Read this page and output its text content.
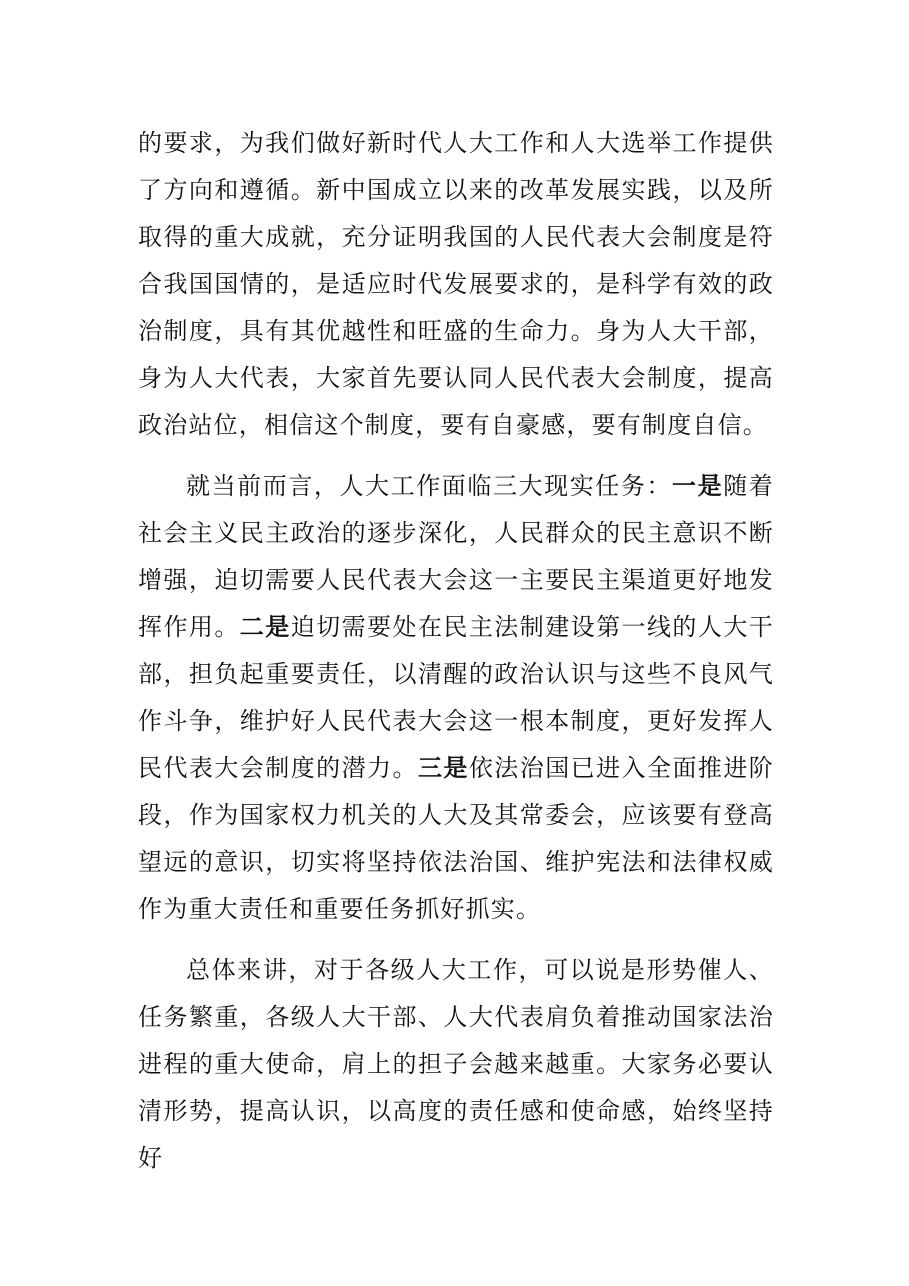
的要求，为我们做好新时代人大工作和人大选举工作提供了方向和遵循。新中国成立以来的改革发展实践，以及所取得的重大成就，充分证明我国的人民代表大会制度是符合我国国情的，是适应时代发展要求的，是科学有效的政治制度，具有其优越性和旺盛的生命力。身为人大干部，身为人大代表，大家首先要认同人民代表大会制度，提高政治站位，相信这个制度，要有自豪感，要有制度自信。

就当前而言，人大工作面临三大现实任务：一是随着社会主义民主政治的逐步深化，人民群众的民主意识不断增强，迫切需要人民代表大会这一主要民主渠道更好地发挥作用。二是迫切需要处在民主法制建设第一线的人大干部，担负起重要责任，以清醒的政治认识与这些不良风气作斗争，维护好人民代表大会这一根本制度，更好发挥人民代表大会制度的潜力。三是依法治国已进入全面推进阶段，作为国家权力机关的人大及其常委会，应该要有登高望远的意识，切实将坚持依法治国、维护宪法和法律权威作为重大责任和重要任务抓好抓实。

总体来讲，对于各级人大工作，可以说是形势催人、任务繁重，各级人大干部、人大代表肩负着推动国家法治进程的重大使命，肩上的担子会越来越重。大家务必要认清形势，提高认识，以高度的责任感和使命感，始终坚持好
